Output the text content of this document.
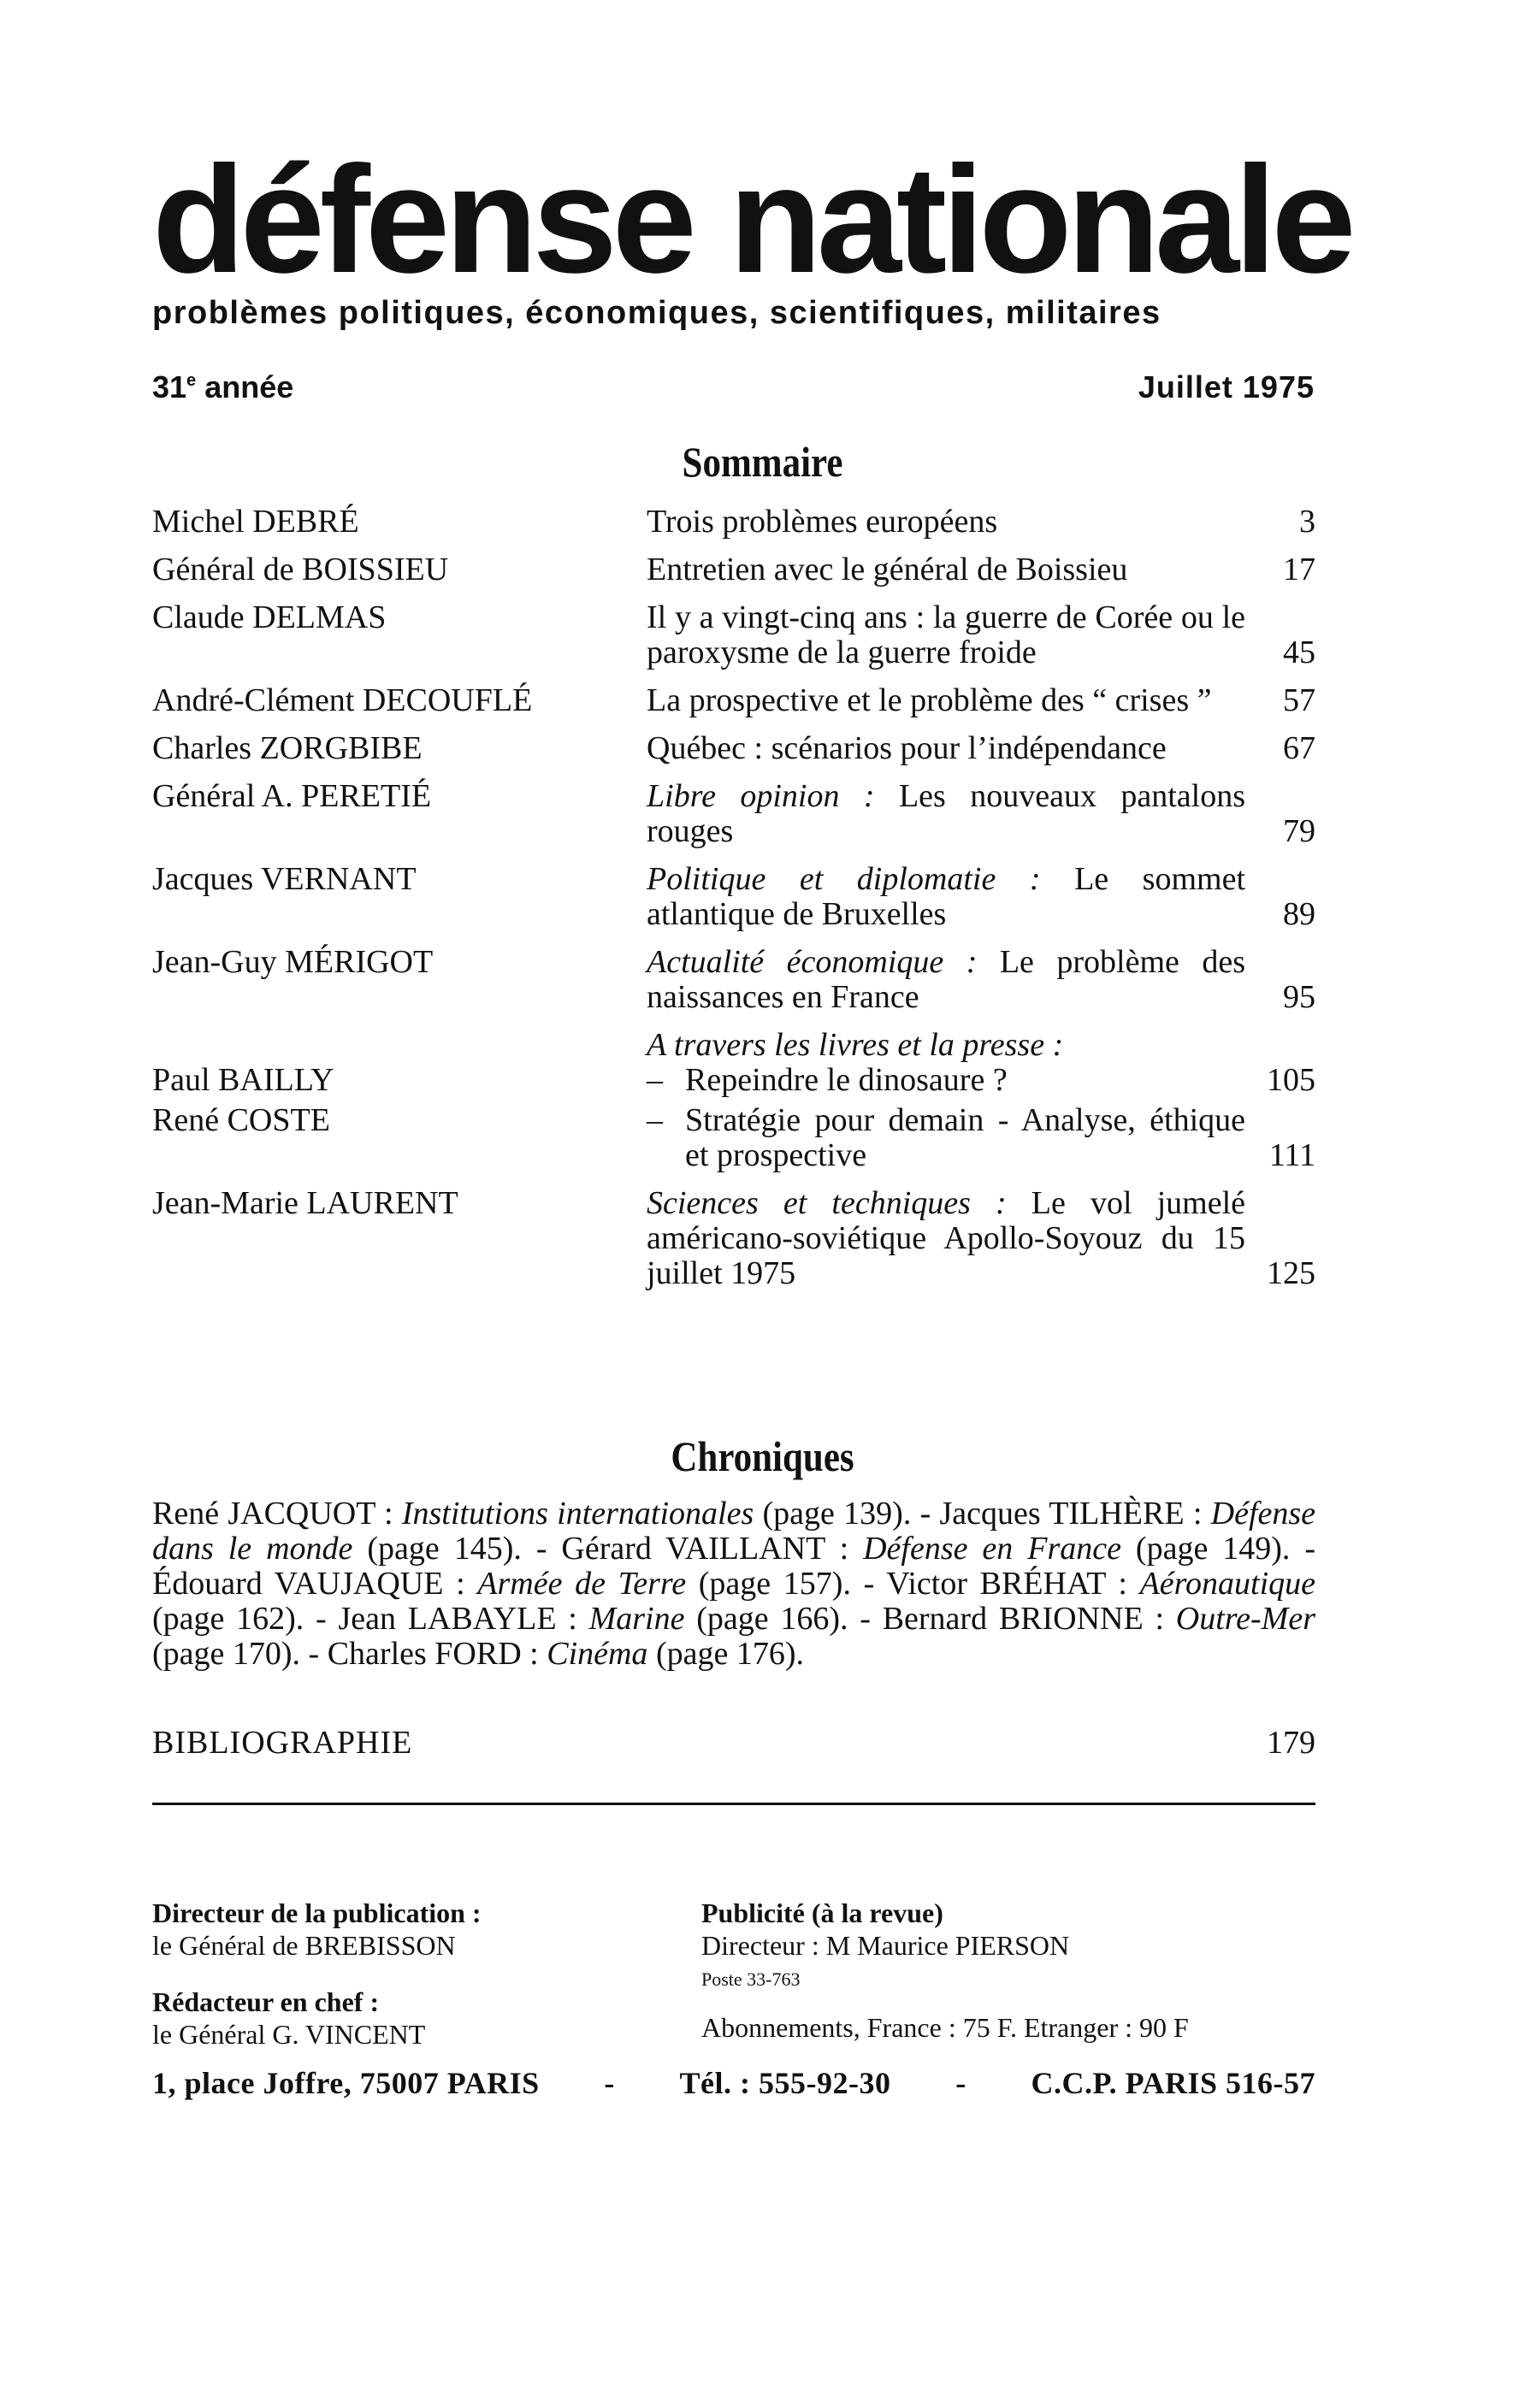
défense nationale
problèmes politiques, économiques, scientifiques, militaires
31e année	Juillet 1975
Sommaire
Michel DEBRÉ	Trois problèmes européens	3
Général de BOISSIEU	Entretien avec le général de Boissieu	17
Claude DELMAS	Il y a vingt-cinq ans : la guerre de Corée ou le paroxysme de la guerre froide	45
André-Clément DECOUFLÉ	La prospective et le problème des “ crises ”	57
Charles ZORGBIBE	Québec : scénarios pour l’indépendance	67
Général A. PERETIÉ	Libre opinion : Les nouveaux pantalons rouges	79
Jacques VERNANT	Politique et diplomatie : Le sommet atlantique de Bruxelles	89
Jean-Guy MÉRIGOT	Actualité économique : Le problème des naissances en France	95
A travers les livres et la presse :
Paul BAILLY	– Repeindre le dinosaure ?	105
René COSTE	– Stratégie pour demain - Analyse, éthique et prospective	111
Jean-Marie LAURENT	Sciences et techniques : Le vol jumelé américano-soviétique Apollo-Soyouz du 15 juillet 1975	125
Chroniques
René JACQUOT : Institutions internationales (page 139). - Jacques TILHÈRE : Défense dans le monde (page 145). - Gérard VAILLANT : Défense en France (page 149). - Édouard VAUJAQUE : Armée de Terre (page 157). - Victor BRÉHAT : Aéronautique (page 162). - Jean LABAYLE : Marine (page 166). - Bernard BRIONNE : Outre-Mer (page 170). - Charles FORD : Cinéma (page 176).
BIBLIOGRAPHIE	179
Directeur de la publication :
le Général de BREBISSON
Rédacteur en chef :
le Général G. VINCENT
Publicité (à la revue)
Directeur : M Maurice PIERSON
Poste 33-763
Abonnements, France : 75 F. Etranger : 90 F
1, place Joffre, 75007 PARIS - Tél. : 555-92-30 - C.C.P. PARIS 516-57
